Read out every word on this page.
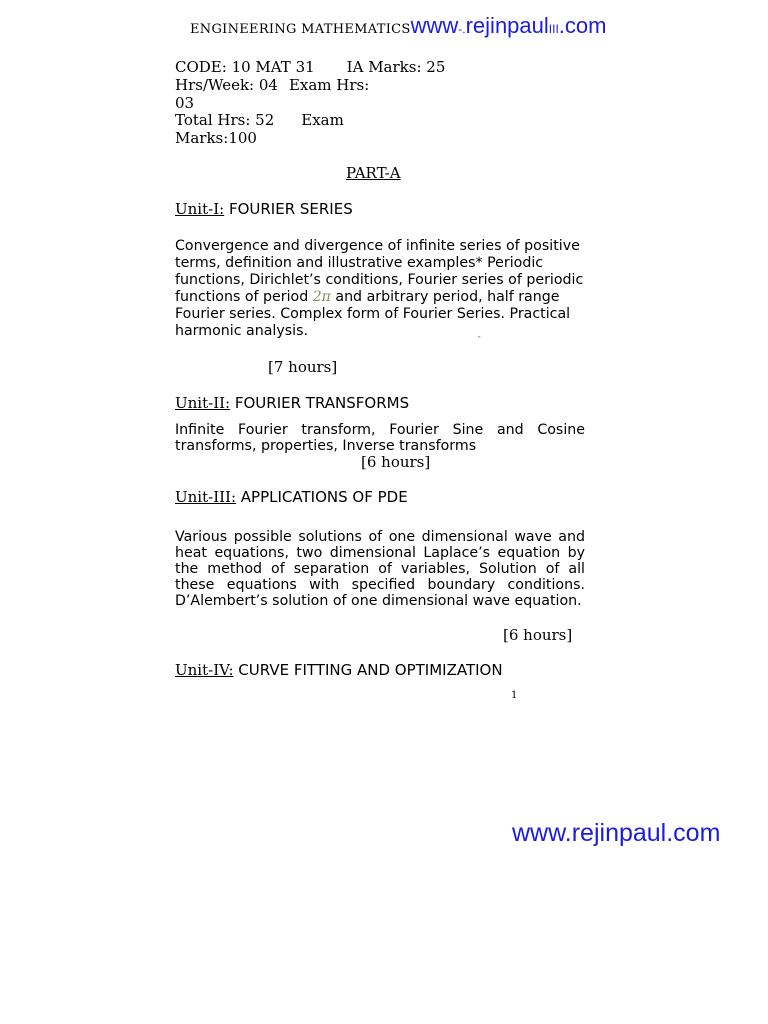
ENGINEERING MATHEMATICSwww-.rejinpaulIII.com
CODE: 10 MAT 31 IA Marks: 25
Hrs/Week: 04 Exam Hrs:
03
Total Hrs: 52 Exam
Marks:100
PART-A
Unit-I: FOURIER SERIES
Convergence and divergence of infinite series of positive terms, definition and illustrative examples* Periodic functions, Dirichlet’s conditions, Fourier series of periodic functions of period 2π and arbitrary period, half range Fourier series. Complex form of Fourier Series. Practical harmonic analysis.	''
[7 hours]
Unit-II: FOURIER TRANSFORMS
Infinite Fourier transform, Fourier Sine and Cosine transforms, properties, Inverse transforms
[6 hours]
Unit-III: APPLICATIONS OF PDE
Various possible solutions of one dimensional wave and heat equations, two dimensional Laplace’s equation by the method of separation of variables, Solution of all these equations with specified boundary conditions. D’Alembert’s solution of one dimensional wave equation.
[6 hours]
Unit-IV: CURVE FITTING AND OPTIMIZATION
1
www.rejinpaul.com
